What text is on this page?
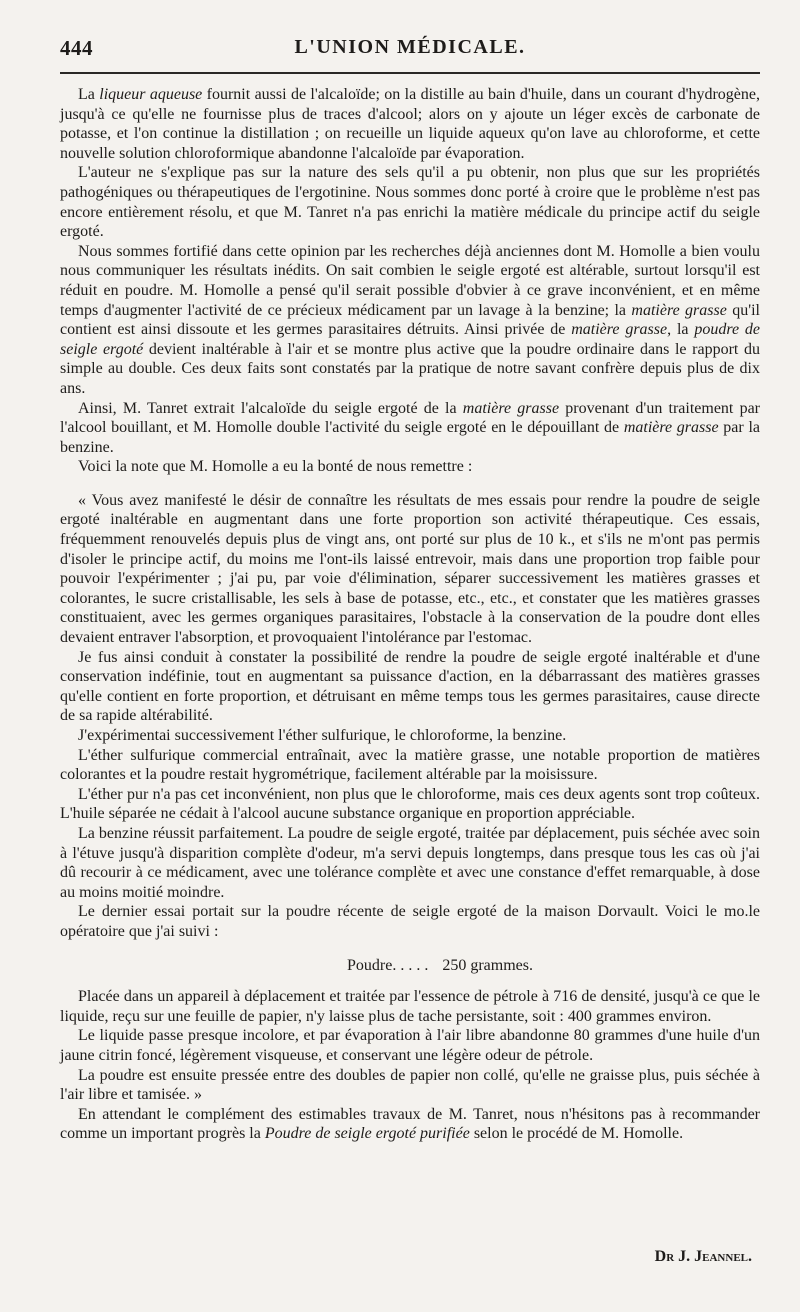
444	L'UNION MÉDICALE.

La liqueur aqueuse fournit aussi de l'alcaloïde; on la distille au bain d'huile, dans un courant d'hydrogène, jusqu'à ce qu'elle ne fournisse plus de traces d'alcool; alors on y ajoute un léger excès de carbonate de potasse, et l'on continue la distillation ; on recueille un liquide aqueux qu'on lave au chloroforme, et cette nouvelle solution chloroformique abandonne l'alcaloïde par évaporation.

L'auteur ne s'explique pas sur la nature des sels qu'il a pu obtenir, non plus que sur les propriétés pathogéniques ou thérapeutiques de l'ergotinine. Nous sommes donc porté à croire que le problème n'est pas encore entièrement résolu, et que M. Tanret n'a pas enrichi la matière médicale du principe actif du seigle ergoté.

Nous sommes fortifié dans cette opinion par les recherches déjà anciennes dont M. Homolle a bien voulu nous communiquer les résultats inédits. On sait combien le seigle ergoté est altérable, surtout lorsqu'il est réduit en poudre. M. Homolle a pensé qu'il serait possible d'obvier à ce grave inconvénient, et en même temps d'augmenter l'activité de ce précieux médicament par un lavage à la benzine; la matière grasse qu'il contient est ainsi dissoute et les germes parasitaires détruits. Ainsi privée de matière grasse, la poudre de seigle ergoté devient inaltérable à l'air et se montre plus active que la poudre ordinaire dans le rapport du simple au double. Ces deux faits sont constatés par la pratique de notre savant confrère depuis plus de dix ans.

Ainsi, M. Tanret extrait l'alcaloïde du seigle ergoté de la matière grasse provenant d'un traitement par l'alcool bouillant, et M. Homolle double l'activité du seigle ergoté en le dépouillant de matière grasse par la benzine.

Voici la note que M. Homolle a eu la bonté de nous remettre :

« Vous avez manifesté le désir de connaître les résultats de mes essais pour rendre la poudre de seigle ergoté inaltérable en augmentant dans une forte proportion son activité thérapeutique. Ces essais, fréquemment renouvelés depuis plus de vingt ans, ont porté sur plus de 10 k., et s'ils ne m'ont pas permis d'isoler le principe actif, du moins me l'ont-ils laissé entrevoir, mais dans une proportion trop faible pour pouvoir l'expérimenter ; j'ai pu, par voie d'élimination, séparer successivement les matières grasses et colorantes, le sucre cristallisable, les sels à base de potasse, etc., etc., et constater que les matières grasses constituaient, avec les germes organiques parasitaires, l'obstacle à la conservation de la poudre dont elles devaient entraver l'absorption, et provoquaient l'intolérance par l'estomac.

Je fus ainsi conduit à constater la possibilité de rendre la poudre de seigle ergoté inaltérable et d'une conservation indéfinie, tout en augmentant sa puissance d'action, en la débarrassant des matières grasses qu'elle contient en forte proportion, et détruisant en même temps tous les germes parasitaires, cause directe de sa rapide altérabilité.

J'expérimentai successivement l'éther sulfurique, le chloroforme, la benzine.

L'éther sulfurique commercial entraînait, avec la matière grasse, une notable proportion de matières colorantes et la poudre restait hygrométrique, facilement altérable par la moisissure.

L'éther pur n'a pas cet inconvénient, non plus que le chloroforme, mais ces deux agents sont trop coûteux. L'huile séparée ne cédait à l'alcool aucune substance organique en proportion appréciable.

La benzine réussit parfaitement. La poudre de seigle ergoté, traitée par déplacement, puis séchée avec soin à l'étuve jusqu'à disparition complète d'odeur, m'a servi depuis longtemps, dans presque tous les cas où j'ai dû recourir à ce médicament, avec une tolérance complète et avec une constance d'effet remarquable, à dose au moins moitié moindre.

Le dernier essai portait sur la poudre récente de seigle ergoté de la maison Dorvault. Voici le mo.le opératoire que j'ai suivi :

Poudre. . . . . 250 grammes.

Placée dans un appareil à déplacement et traitée par l'essence de pétrole à 716 de densité, jusqu'à ce que le liquide, reçu sur une feuille de papier, n'y laisse plus de tache persistante, soit : 400 grammes environ.

Le liquide passe presque incolore, et par évaporation à l'air libre abandonne 80 grammes d'une huile d'un jaune citrin foncé, légèrement visqueuse, et conservant une légère odeur de pétrole.

La poudre est ensuite pressée entre des doubles de papier non collé, qu'elle ne graisse plus, puis séchée à l'air libre et tamisée. »

En attendant le complément des estimables travaux de M. Tanret, nous n'hésitons pas à recommander comme un important progrès la Poudre de seigle ergoté purifiée selon le procédé de M. Homolle.

Dr J. Jeannel.
